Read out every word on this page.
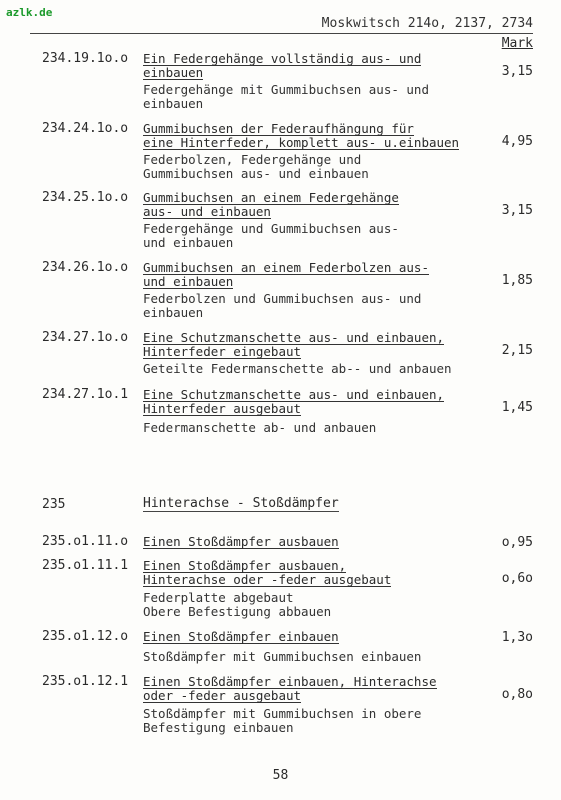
azlk.de
Moskwitsch 214o, 2137, 2734
Mark
234.19.1o.o Ein Federgehänge vollständig aus- und
einbauen	3,15
Federgehänge mit Gummibuchsen aus- und
einbauen
234.24.1o.o Gummibuchsen der Federaufhängung für
eine Hinterfeder, komplett aus- u.einbauen	4,95
Federbolzen, Federgehänge und
Gummibuchsen aus- und einbauen
234.25.1o.o Gummibuchsen an einem Federgehänge
aus- und einbauen	3,15
Federgehänge und Gummibuchsen aus-
und einbauen
234.26.1o.o Gummibuchsen an einem Federbolzen aus-
und einbauen	1,85
Federbolzen und Gummibuchsen aus- und
einbauen
234.27.1o.o Eine Schutzmanschette aus- und einbauen,
Hinterfeder eingebaut	2,15
Geteilte Federmanschette ab-- und anbauen
234.27.1o.1 Eine Schutzmanschette aus- und einbauen,
Hinterfeder ausgebaut	1,45
Federmanschette ab- und anbauen
235	Hinterachse - Stoßdämpfer
235.o1.11.o Einen Stoßdämpfer ausbauen	o,95
235.o1.11.1 Einen Stoßdämpfer ausbauen,
Hinterachse oder -feder ausgebaut	o,6o
Federplatte abgebaut
Obere Befestigung abbauen
235.o1.12.o Einen Stoßdämpfer einbauen	1,3o
Stoßdämpfer mit Gummibuchsen einbauen
235.o1.12.1 Einen Stoßdämpfer einbauen, Hinterachse
oder -feder ausgebaut	o,8o
Stoßdämpfer mit Gummibuchsen in obere
Befestigung einbauen
58
